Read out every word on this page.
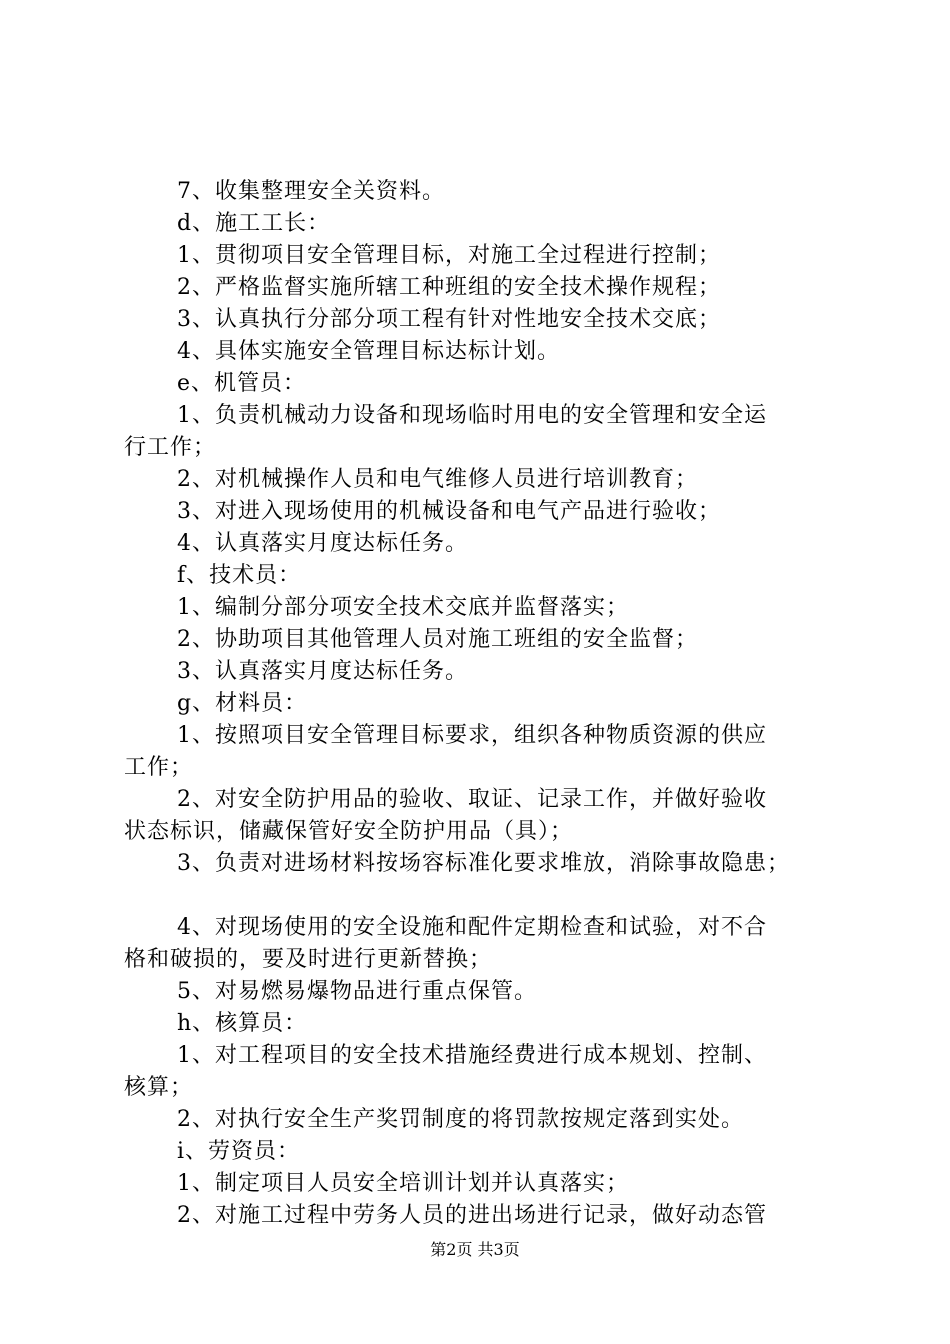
7、收集整理安全关资料。
d、施工工长：
1、贯彻项目安全管理目标，对施工全过程进行控制；
2、严格监督实施所辖工种班组的安全技术操作规程；
3、认真执行分部分项工程有针对性地安全技术交底；
4、具体实施安全管理目标达标计划。
e、机管员：
1、负责机械动力设备和现场临时用电的安全管理和安全运
行工作；
2、对机械操作人员和电气维修人员进行培训教育；
3、对进入现场使用的机械设备和电气产品进行验收；
4、认真落实月度达标任务。
f、技术员：
1、编制分部分项安全技术交底并监督落实；
2、协助项目其他管理人员对施工班组的安全监督；
3、认真落实月度达标任务。
g、材料员：
1、按照项目安全管理目标要求，组织各种物质资源的供应
工作；
2、对安全防护用品的验收、取证、记录工作，并做好验收
状态标识，储藏保管好安全防护用品（具）；
3、负责对进场材料按场容标准化要求堆放，消除事故隐患；
4、对现场使用的安全设施和配件定期检查和试验，对不合
格和破损的，要及时进行更新替换；
5、对易燃易爆物品进行重点保管。
h、核算员：
1、对工程项目的安全技术措施经费进行成本规划、控制、
核算；
2、对执行安全生产奖罚制度的将罚款按规定落到实处。
i、劳资员：
1、制定项目人员安全培训计划并认真落实；
2、对施工过程中劳务人员的进出场进行记录，做好动态管
第2页 共3页
